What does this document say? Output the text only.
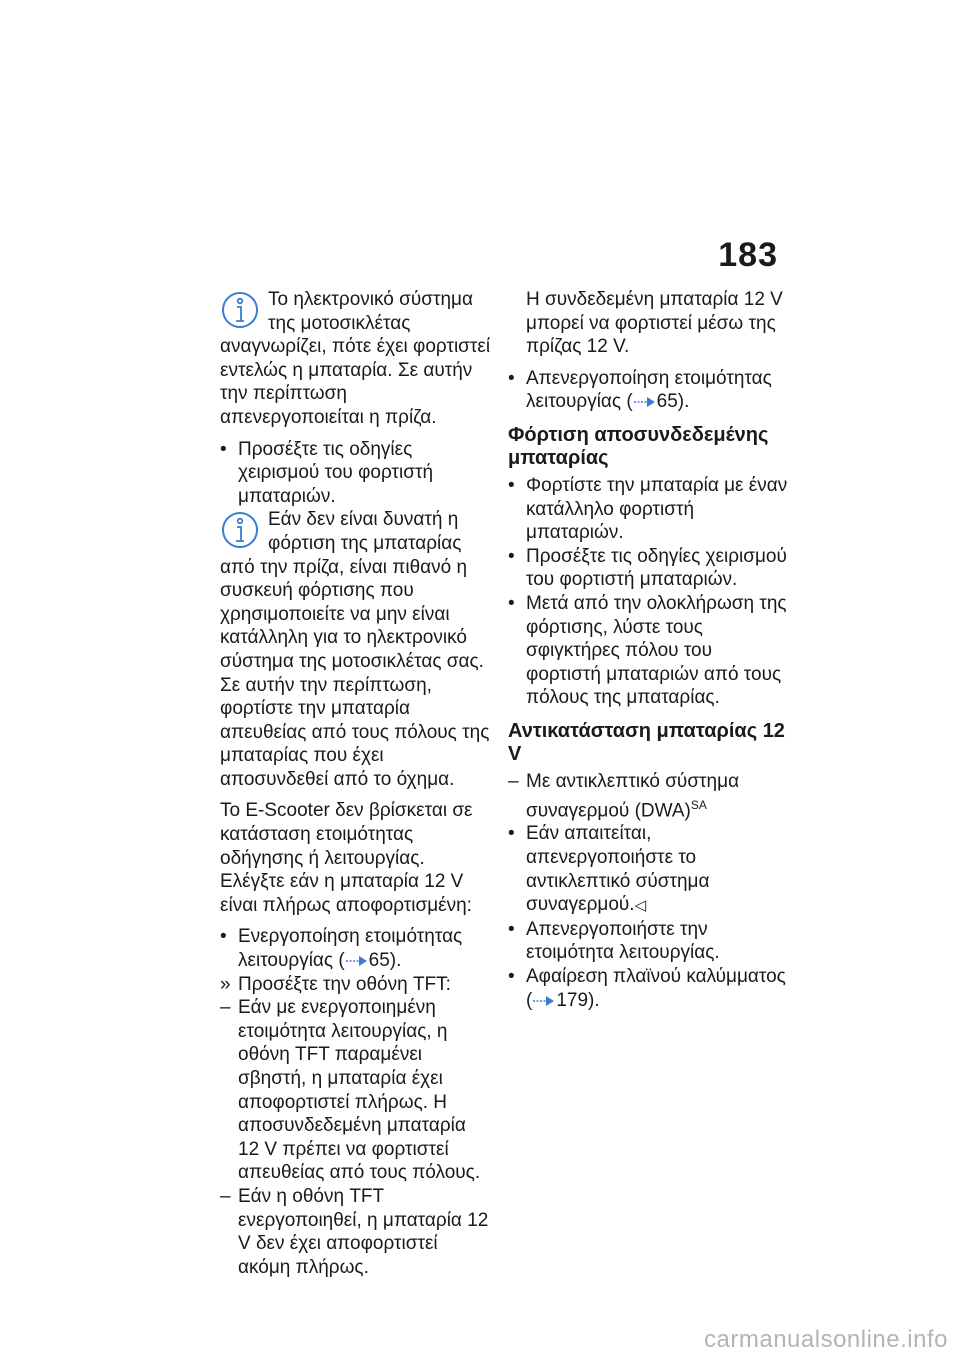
183
Το ηλεκτρονικό σύστημα της μοτοσικλέτας αναγνωρίζει, πότε έχει φορτιστεί εντελώς η μπαταρία. Σε αυτήν την περίπτωση απενεργοποιείται η πρίζα.
• Προσέξτε τις οδηγίες χειρισμού του φορτιστή μπαταριών.
Εάν δεν είναι δυνατή η φόρτιση της μπαταρίας από την πρίζα, είναι πιθανό η συσκευή φόρτισης που χρησιμοποιείτε να μην είναι κατάλληλη για το ηλεκτρονικό σύστημα της μοτοσικλέτας σας. Σε αυτήν την περίπτωση, φορτίστε την μπαταρία απευθείας από τους πόλους της μπαταρίας που έχει αποσυνδεθεί από το όχημα.
Το E-Scooter δεν βρίσκεται σε κατάσταση ετοιμότητας οδήγησης ή λειτουργίας. Ελέγξτε εάν η μπαταρία 12 V είναι πλήρως αποφορτισμένη:
• Ενεργοποίηση ετοιμότητας λειτουργίας ( 65).
» Προσέξτε την οθόνη TFT:
– Εάν με ενεργοποιημένη ετοιμότητα λειτουργίας, η οθόνη TFT παραμένει σβηστή, η μπαταρία έχει αποφορτιστεί πλήρως. Η αποσυνδεδεμένη μπαταρία 12 V πρέπει να φορτιστεί απευθείας από τους πόλους.
– Εάν η οθόνη TFT ενεργοποιηθεί, η μπαταρία 12 V δεν έχει αποφορτιστεί ακόμη πλήρως.
Η συνδεδεμένη μπαταρία 12 V μπορεί να φορτιστεί μέσω της πρίζας 12 V.
• Απενεργοποίηση ετοιμότητας λειτουργίας ( 65).
Φόρτιση αποσυνδεδεμένης μπαταρίας
• Φορτίστε την μπαταρία με έναν κατάλληλο φορτιστή μπαταριών.
• Προσέξτε τις οδηγίες χειρισμού του φορτιστή μπαταριών.
• Μετά από την ολοκλήρωση της φόρτισης, λύστε τους σφιγκτήρες πόλου του φορτιστή μπαταριών από τους πόλους της μπαταρίας.
Αντικατάσταση μπαταρίας 12 V
– Με αντικλεπτικό σύστημα συναγερμού (DWA)$^{SA}$
• Εάν απαιτείται, απενεργοποιήστε το αντικλεπτικό σύστημα συναγερμού.◁
• Απενεργοποιήστε την ετοιμότητα λειτουργίας.
• Αφαίρεση πλαϊνού καλύμματος ( 179).
carmanualsonline.info
